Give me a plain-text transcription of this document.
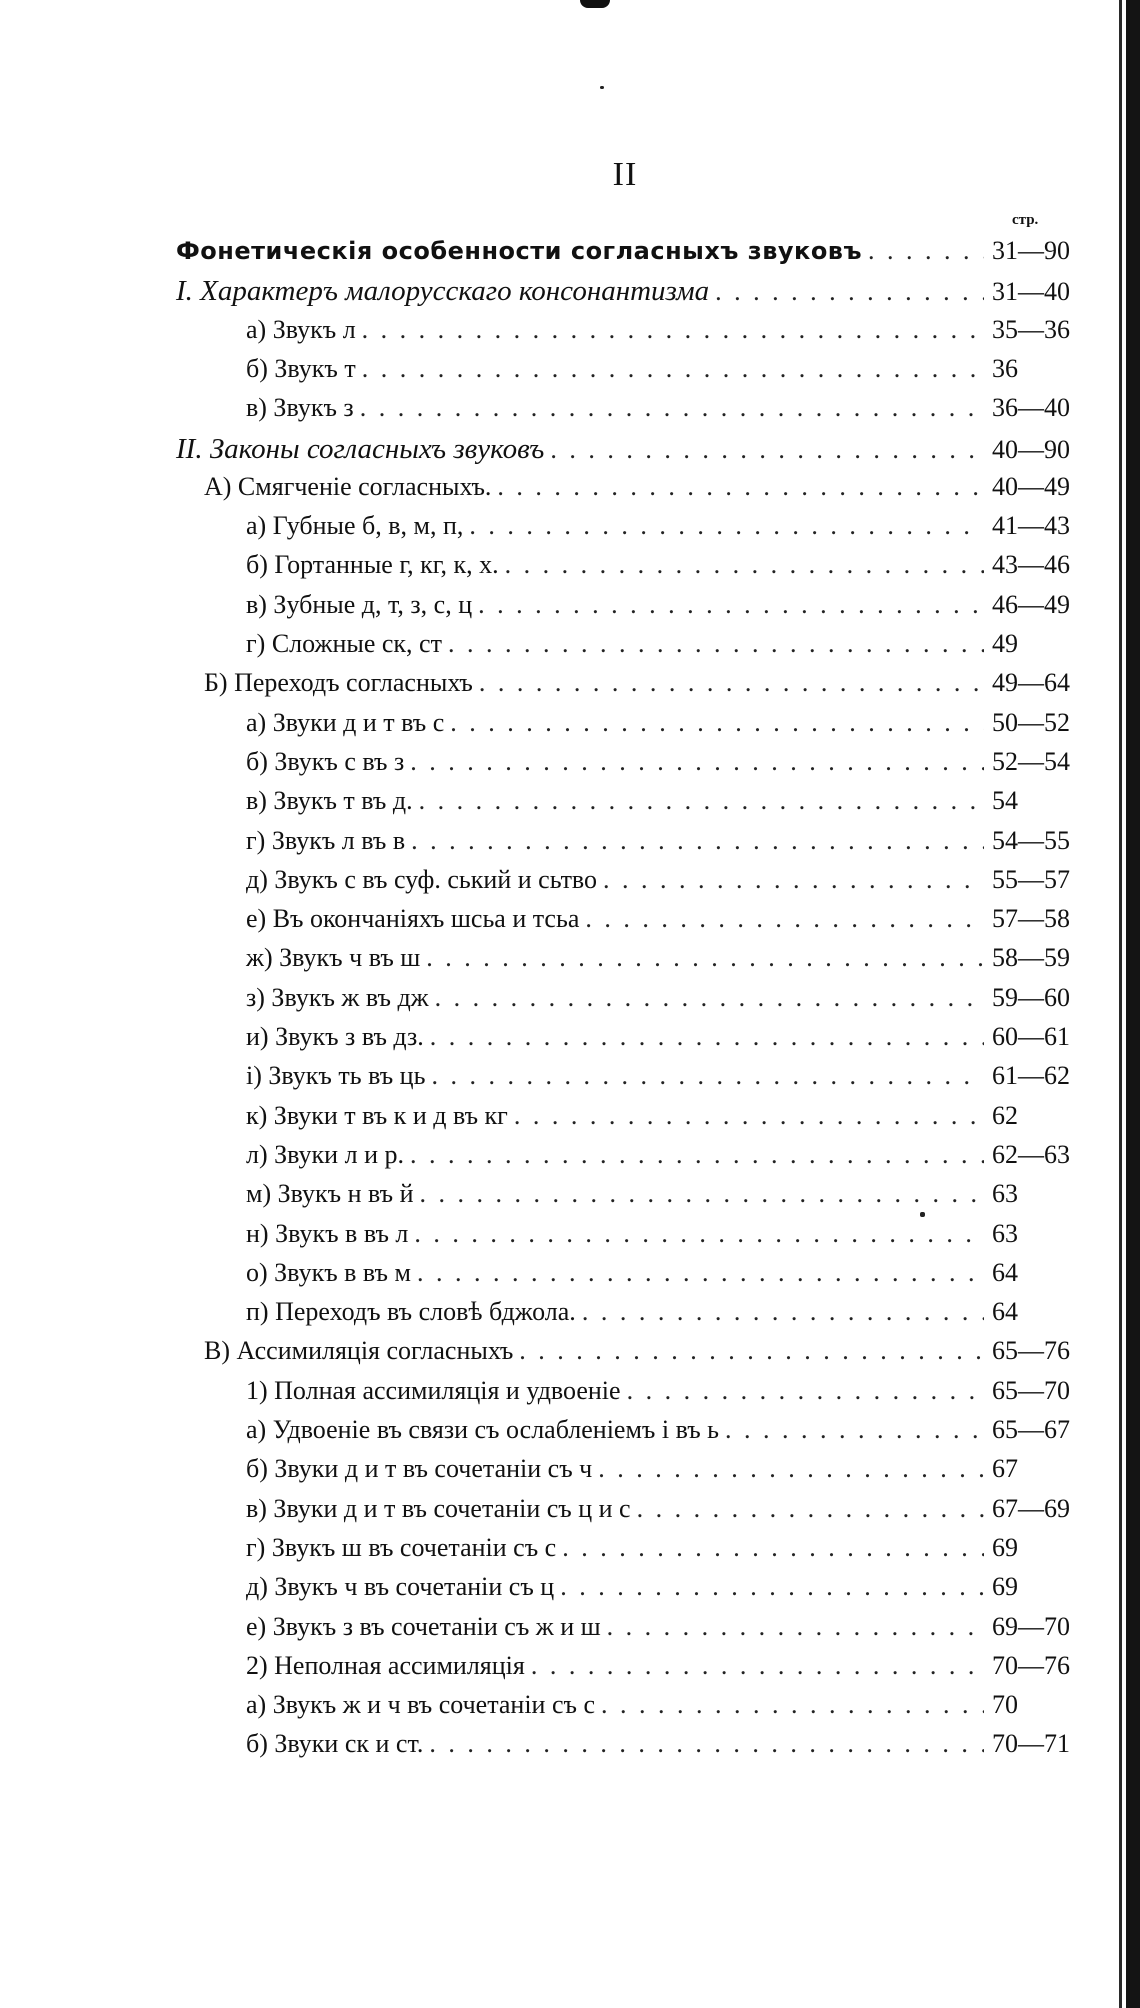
II
стр.
Фонетическія особенности согласныхъ звуковъ . . .	31—90
I. Характеръ малорусскаго консонантизма . . .	31—40
а) Звукъ л . . .	35—36
б) Звукъ т . . .	36
в) Звукъ з . . .	36—40
II. Законы согласныхъ звуковъ . . .	40—90
A) Смягченіе согласныхъ. . . .	40—49
а) Губные б, в, м, п, . . .	41—43
б) Гортанные г, кг, к, х. . . .	43—46
в) Зубные д, т, з, с, ц . . .	46—49
г) Сложные ск, ст . . .	49
Б) Переходъ согласныхъ . . .	49—64
а) Звуки д и т въ с . . .	50—52
б) Звукъ с въ з . . .	52—54
в) Звукъ т въ д. . . .	54
г) Звукъ л въ в . . .	54—55
д) Звукъ с въ суф. ський и сьтво . . .	55—57
е) Въ окончаніяхъ шсьа и тсьа . . .	57—58
ж) Звукъ ч въ ш . . .	58—59
з) Звукъ ж въ дж . . .	59—60
и) Звукъ з въ дз. . . .	60—61
і) Звукъ ть въ ць . . .	61—62
к) Звуки т въ к и д въ кг . . .	62
л) Звуки л и р. . . .	62—63
м) Звукъ н въ й . . .	63
н) Звукъ в въ л . . .	63
о) Звукъ в въ м . . .	64
п) Переходъ въ словѣ бджола. . . .	64
В) Ассимиляція согласныхъ . . .	65—76
1) Полная ассимиляція и удвоеніе . . .	65—70
а) Удвоеніе въ связи съ ослабленіемъ і въ ь . . .	65—67
б) Звуки д и т въ сочетаніи съ ч . . .	67
в) Звуки д и т въ сочетаніи съ ц и с . . .	67—69
г) Звукъ ш въ сочетаніи съ с . . .	69
д) Звукъ ч въ сочетаніи съ ц . . .	69
е) Звукъ з въ сочетаніи съ ж и ш . . .	69—70
2) Неполная ассимиляція . . .	70—76
а) Звукъ ж и ч въ сочетаніи съ с . . .	70
б) Звуки ск и ст. . . .	70—71
